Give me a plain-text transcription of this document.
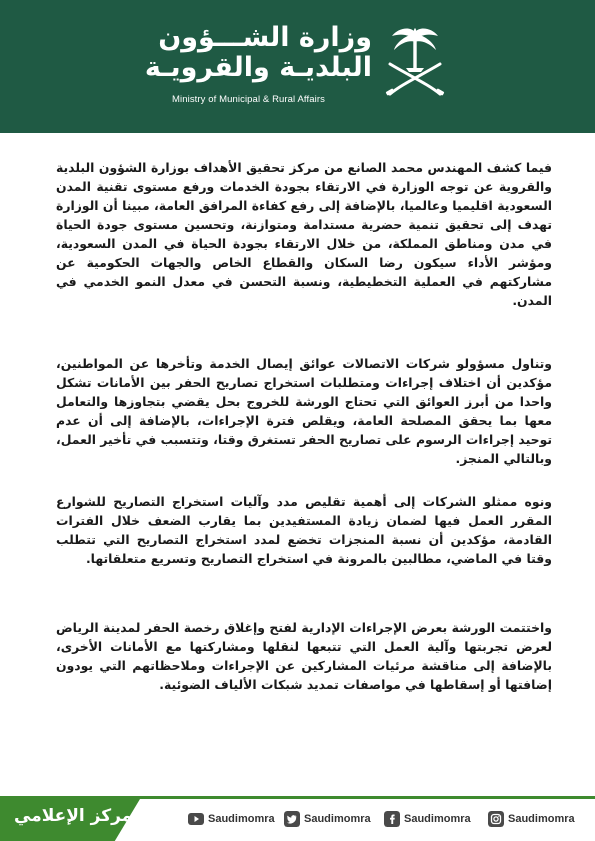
وزارة الشـــؤون
البلديـة والقرويـة
Ministry of Municipal & Rural Affairs

فيما كشف المهندس محمد الصانع من مركز تحقيق الأهداف بوزارة الشؤون البلدية والقروية عن توجه الوزارة في الارتقاء بجودة الخدمات ورفع مستوى تقنية المدن السعودية اقليميا وعالميا، بالإضافة إلى رفع كفاءة المرافق العامة، مبينا أن الوزارة تهدف إلى تحقيق تنمية حضرية مستدامة ومتوازنة، وتحسين مستوى جودة الحياة في مدن ومناطق المملكة، من خلال الارتقاء بجودة الحياة في المدن السعودية، ومؤشر الأداء سيكون رضا السكان والقطاع الخاص والجهات الحكومية عن مشاركتهم في العملية التخطيطية، ونسبة التحسن في معدل النمو الخدمي في المدن.

وتناول مسؤولو شركات الاتصالات عوائق إيصال الخدمة وتأخرها عن المواطنين، مؤكدين أن اختلاف إجراءات ومتطلبات استخراج تصاريح الحفر بين الأمانات تشكل واحدا من أبرز العوائق التي تحتاج الورشة للخروج بحل يقضي بتجاوزها والتعامل معها بما يحقق المصلحة العامة، ويقلص فترة الإجراءات، بالإضافة إلى أن عدم توحيد إجراءات الرسوم على تصاريح الحفر تستغرق وقتا، وتتسبب في تأخير العمل، وبالتالي المنجز.

ونوه ممثلو الشركات إلى أهمية تقليص مدد وآليات استخراج التصاريح للشوارع المقرر العمل فيها لضمان زيادة المستفيدين بما يقارب الضعف خلال الفترات القادمة، مؤكدين أن نسبة المنجزات تخضع لمدد استخراج التصاريح التي تتطلب وقتا في الماضي، مطالبين بالمرونة في استخراج التصاريح وتسريع متعلقاتها.

واختتمت الورشة بعرض الإجراءات الإدارية لفتح وإغلاق رخصة الحفر لمدينة الرياض لعرض تجربتها وآلية العمل التي تتبعها لنقلها ومشاركتها مع الأمانات الأخرى، بالإضافة إلى مناقشة مرئيات المشاركين عن الإجراءات وملاحظاتهم التي يودون إضافتها أو إسقاطها في مواصفات تمديد شبكات الألياف الضوئية.

المركز الإعلامي	Saudimomra	Saudimomra	Saudimomra	Saudimomra
